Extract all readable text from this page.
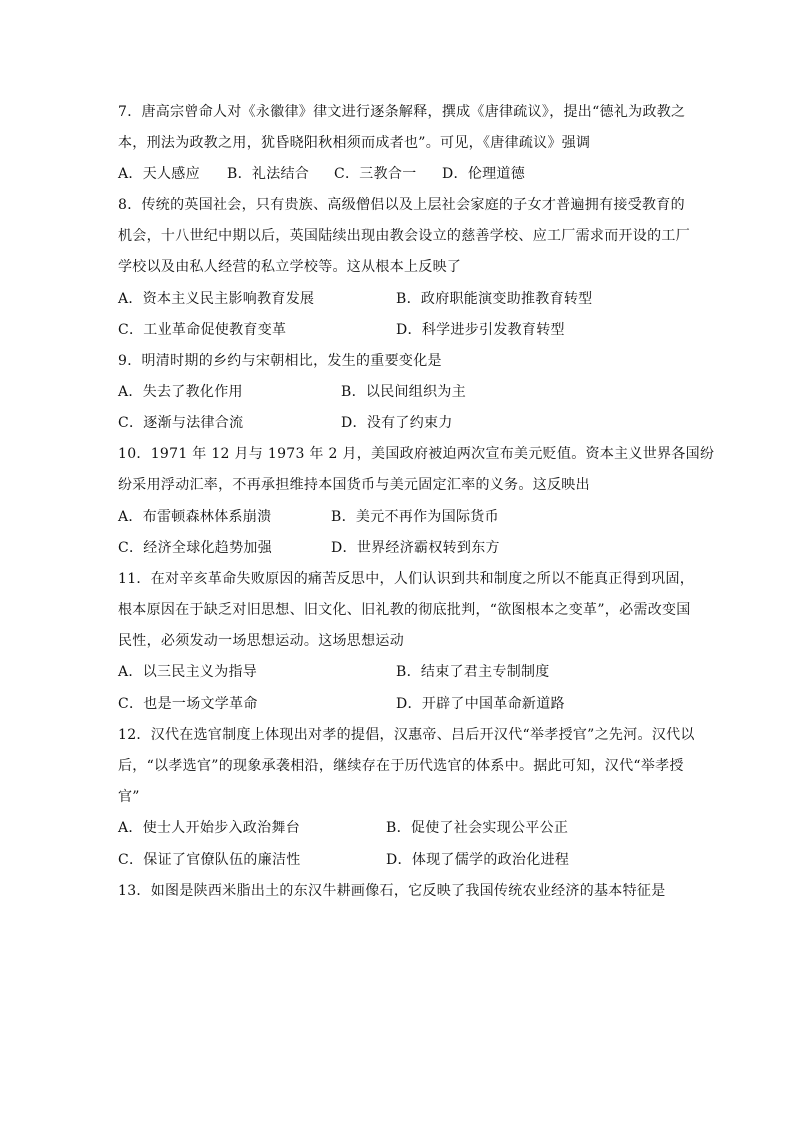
7．唐高宗曾命人对《永徽律》律文进行逐条解释，撰成《唐律疏议》，提出“德礼为政教之
本，刑法为政教之用，犹昏晓阳秋相须而成者也”。可见，《唐律疏议》强调
A．天人感应 B．礼法结合 C．三教合一 D．伦理道德
8．传统的英国社会，只有贵族、高级僧侣以及上层社会家庭的子女才普遍拥有接受教育的
机会，十八世纪中期以后，英国陆续出现由教会设立的慈善学校、应工厂需求而开设的工厂
学校以及由私人经营的私立学校等。这从根本上反映了
A．资本主义民主影响教育发展	B．政府职能演变助推教育转型
C．工业革命促使教育变革	D．科学进步引发教育转型
9．明清时期的乡约与宋朝相比，发生的重要变化是
A．失去了教化作用	B．以民间组织为主
C．逐渐与法律合流	D．没有了约束力
10．1971 年 12 月与 1973 年 2 月，美国政府被迫两次宣布美元贬值。资本主义世界各国纷
纷采用浮动汇率，不再承担维持本国货币与美元固定汇率的义务。这反映出
A．布雷顿森林体系崩溃	B．美元不再作为国际货币
C．经济全球化趋势加强	D．世界经济霸权转到东方
11．在对辛亥革命失败原因的痛苦反思中，人们认识到共和制度之所以不能真正得到巩固，
根本原因在于缺乏对旧思想、旧文化、旧礼教的彻底批判，“欲图根本之变革”，必需改变国
民性，必须发动一场思想运动。这场思想运动
A．以三民主义为指导	B．结束了君主专制制度
C．也是一场文学革命	D．开辟了中国革命新道路
12．汉代在选官制度上体现出对孝的提倡，汉惠帝、吕后开汉代“举孝授官”之先河。汉代以
后，“以孝选官”的现象承袭相沿，继续存在于历代选官的体系中。据此可知，汉代“举孝授
官”
A．使士人开始步入政治舞台	B．促使了社会实现公平公正
C．保证了官僚队伍的廉洁性	D．体现了儒学的政治化进程
13．如图是陕西米脂出土的东汉牛耕画像石，它反映了我国传统农业经济的基本特征是
